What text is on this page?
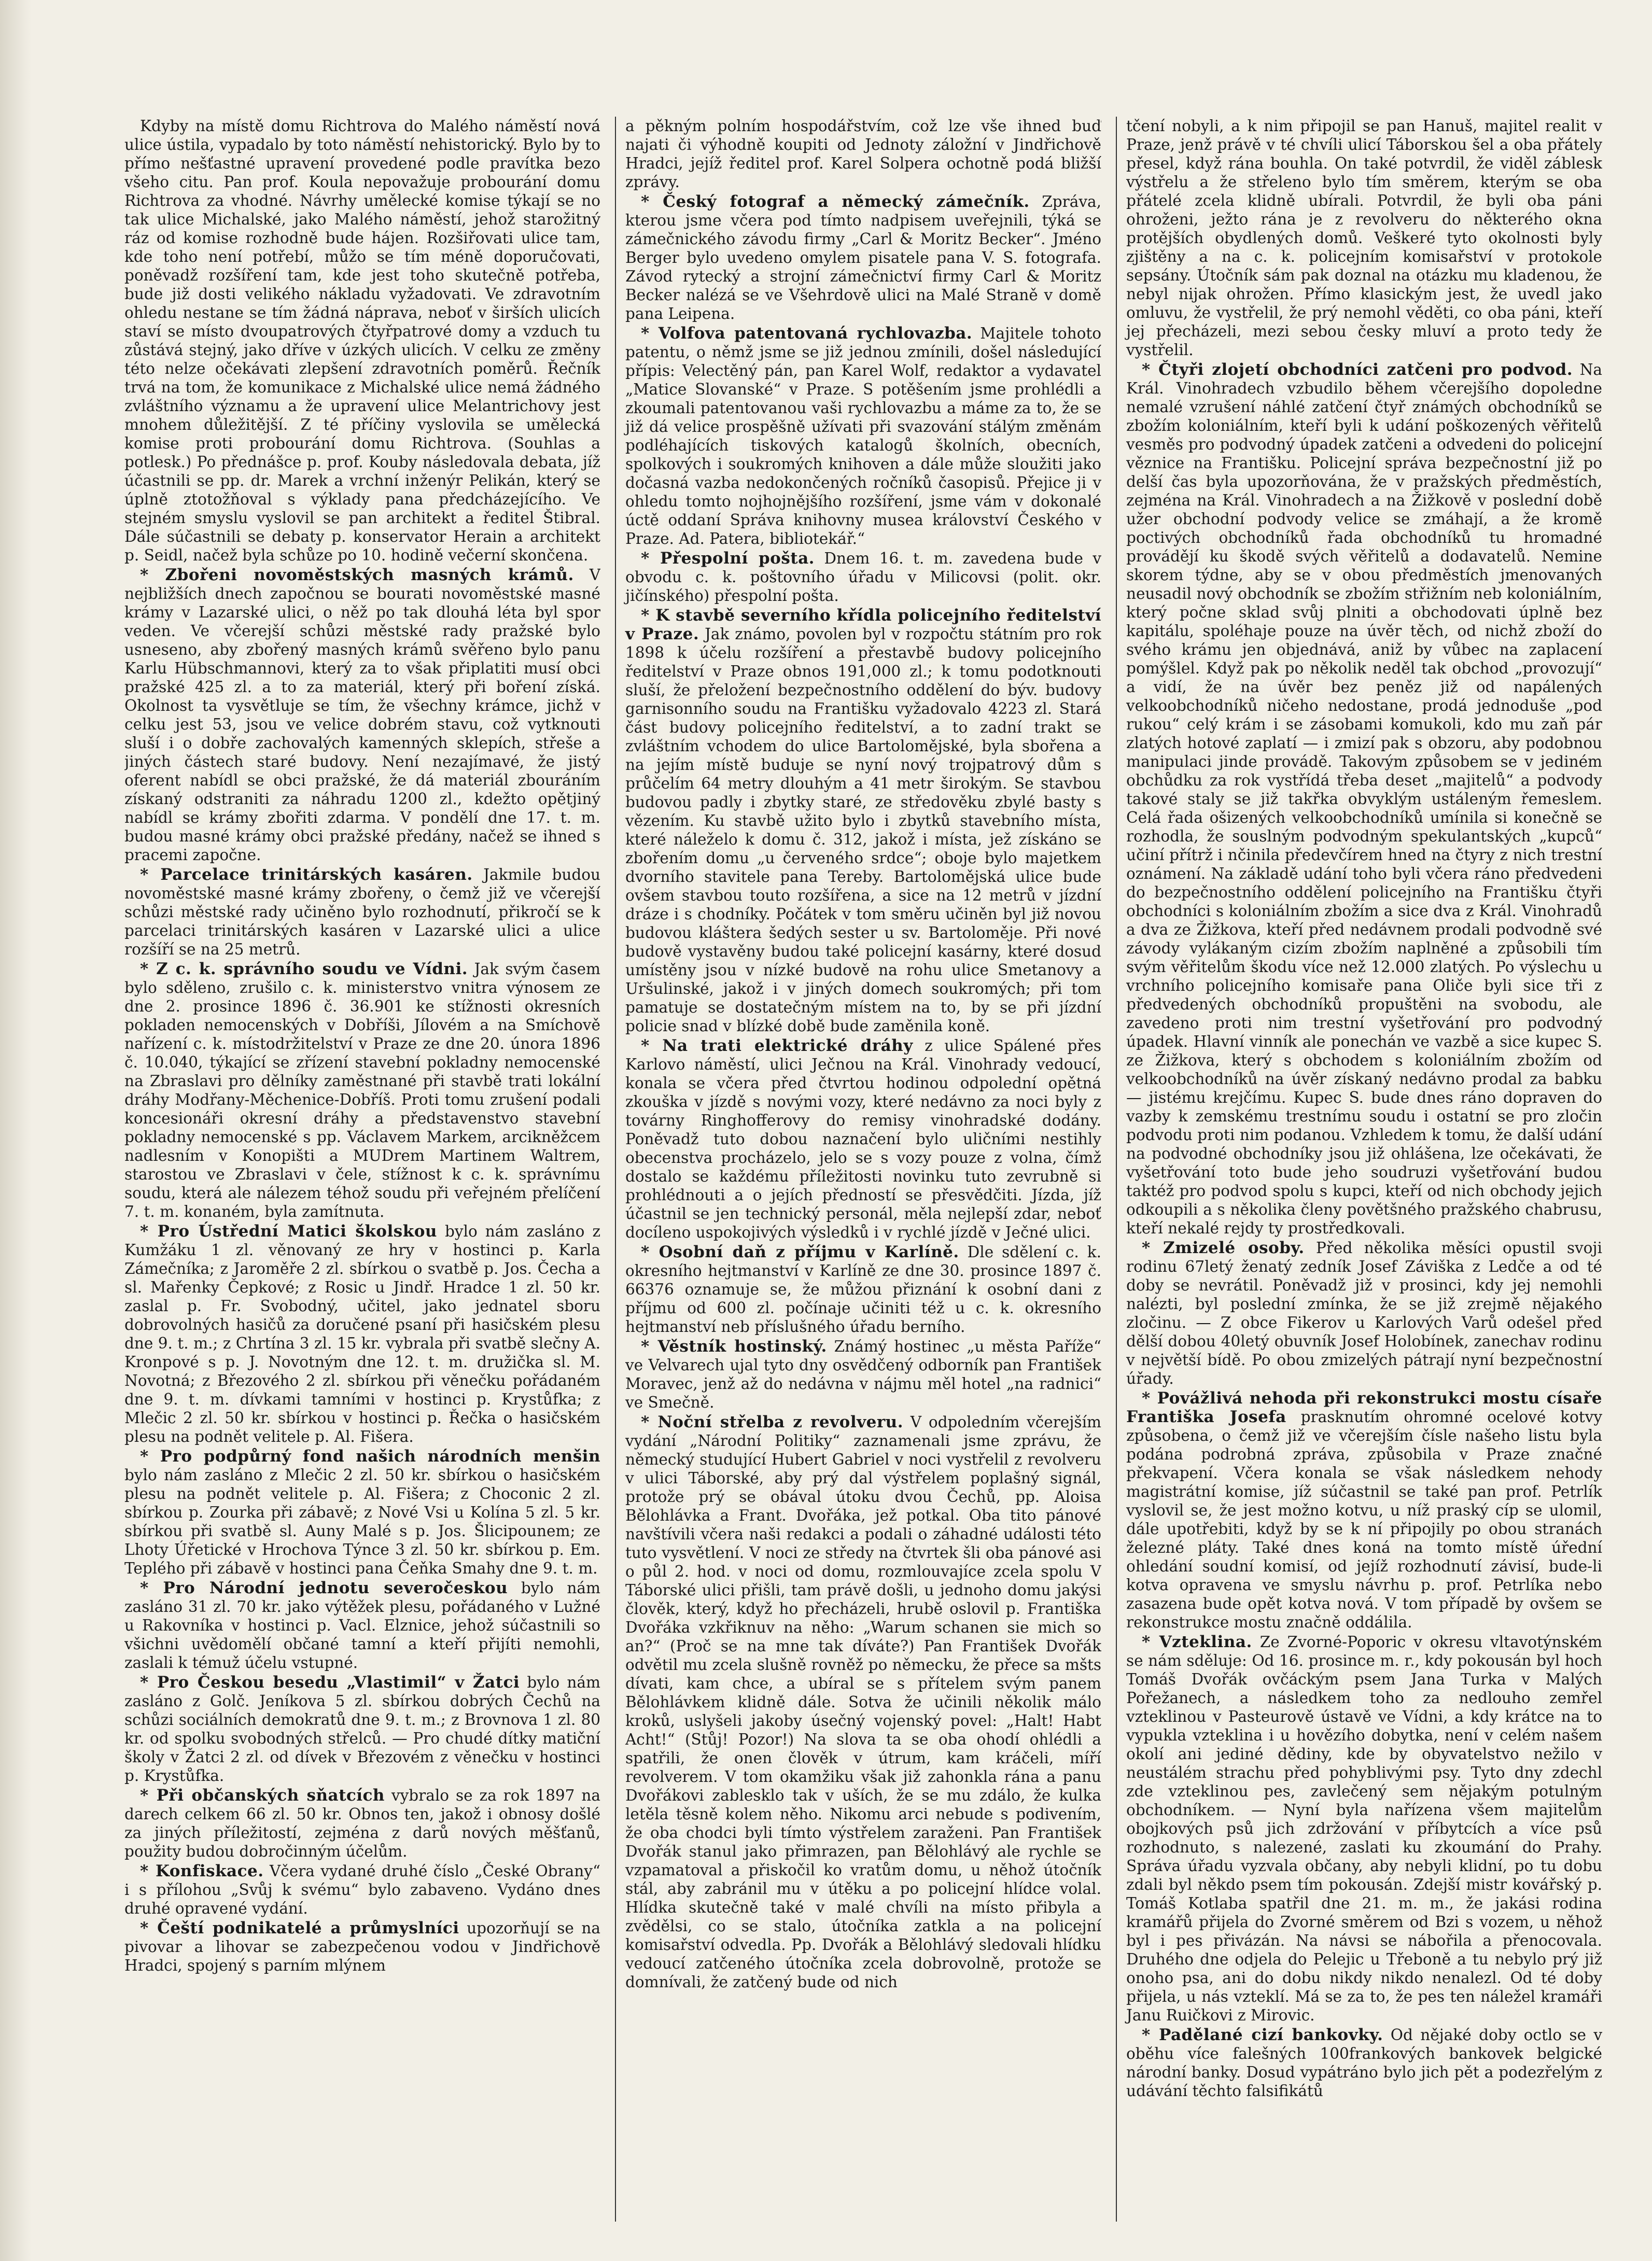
Kdyby na místě domu Richtrova do Malého náměstí nová ulice ústila, vypadalo by toto náměstí nehistorický. Bylo by to přímo nešťastné upravení provedené podle pravítka bezo všeho citu. Pan prof. Koula nepovažuje probourání domu Richtrova za vhodné. Návrhy umělecké komise týkají se no tak ulice Michalské, jako Malého náměstí, jehož starožitný ráz od komise rozhodně bude hájen. Rozšiřovati ulice tam, kde toho není potřebí, můžo se tím méně doporučovati, poněvadž rozšíření tam, kde jest toho skutečně potřeba, bude již dosti velikého nákladu vyžadovati. Ve zdravotním ohledu nestane se tím žádná náprava, neboť v širších ulicích staví se místo dvoupatrových čtyřpatrové domy a vzduch tu zůstává stejný, jako dříve v úzkých ulicích. V celku ze změny této nelze očekávati zlepšení zdravotních poměrů. Řečník trvá na tom, že komunikace z Michalské ulice nemá žádného zvláštního významu a že upravení ulice Melantrichovy jest mnohem důležitější. Z té příčiny vyslovila se umělecká komise proti probourání domu Richtrova. (Souhlas a potlesk.) Po přednášce p. prof. Kouby následovala debata, jíž účastnili se pp. dr. Marek a vrchní inženýr Pelikán, který se úplně ztotožňoval s výklady pana předcházejícího. Ve stejném smyslu vyslovil se pan architekt a ředitel Štibral. Dále súčastnili se debaty p. konservator Herain a architekt p. Seidl, načež byla schůze po 10. hodině večerní skončena.

* Zbořeni novoměstských masných krámů. V nejbližších dnech započnou se bourati novoměstské masné krámy v Lazarské ulici, o něž po tak dlouhá léta byl spor veden. Ve včerejší schůzi městské rady pražské bylo usneseno, aby zbořený masných krámů svěřeno bylo panu Karlu Hübschmannovi, který za to však připlatiti musí obci pražské 425 zl. a to za materiál, který při boření získá. Okolnost ta vysvětluje se tím, že všechny krámce, jichž v celku jest 53, jsou ve velice dobrém stavu, což vytknouti sluší i o dobře zachovalých kamenných sklepích, střeše a jiných částech staré budovy. Není nezajímavé, že jistý oferent nabídl se obci pražské, že dá materiál zbouráním získaný odstraniti za náhradu 1200 zl., kdežto opětjiný nabídl se krámy zbořiti zdarma. V pondělí dne 17. t. m. budou masné krámy obci pražské předány, načež se ihned s pracemi započne.

* Parcelace trinitárských kasáren. Jakmile budou novoměstské masné krámy zbořeny, o čemž již ve včerejší schůzi městské rady učiněno bylo rozhodnutí, přikročí se k parcelaci trinitárských kasáren v Lazarské ulici a ulice rozšíří se na 25 metrů.

* Z c. k. správního soudu ve Vídni. Jak svým časem bylo sděleno, zrušilo c. k. ministerstvo vnitra výnosem ze dne 2. prosince 1896 č. 36.901 ke stížnosti okresních pokladen nemocenských v Dobříši, Jílovém a na Smíchově nařízení c. k. místodržitelství v Praze ze dne 20. února 1896 č. 10.040, týkající se zřízení stavební pokladny nemocenské na Zbraslavi pro dělníky zaměstnané při stavbě trati lokální dráhy Modřany-Měchenice-Dobříš. Proti tomu zrušení podali koncesionáři okresní dráhy a představenstvo stavební pokladny nemocenské s pp. Václavem Markem, arcikněžcem nadlesním v Konopišti a MUDrem Martinem Waltrem, starostou ve Zbraslavi v čele, stížnost k c. k. správnímu soudu, která ale nálezem téhož soudu při veřejném přelíčení 7. t. m. konaném, byla zamítnuta.

* Pro Ústřední Matici školskou bylo nám zasláno z Kumžáku 1 zl. věnovaný ze hry v hostinci p. Karla Zámečníka; z Jaroměře 2 zl. sbírkou o svatbě p. Jos. Čecha a sl. Mařenky Čepkové; z Rosic u Jindř. Hradce 1 zl. 50 kr. zaslal p. Fr. Svobodný, učitel, jako jednatel sboru dobrovolných hasičů za doručené psaní při hasičském plesu dne 9. t. m.; z Chrtína 3 zl. 15 kr. vybrala při svatbě slečny A. Kronpové s p. J. Novotným dne 12. t. m. družička sl. M. Novotná; z Březového 2 zl. sbírkou při věnečku pořádaném dne 9. t. m. dívkami tamními v hostinci p. Krystůfka; z Mlečic 2 zl. 50 kr. sbírkou v hostinci p. Řečka o hasičském plesu na podnět velitele p. Al. Fišera.

* Pro podpůrný fond našich národních menšin bylo nám zasláno z Mlečic 2 zl. 50 kr. sbírkou o hasičském plesu na podnět velitele p. Al. Fišera; z Choconic 2 zl. sbírkou p. Zourka při zábavě; z Nové Vsi u Kolína 5 zl. 5 kr. sbírkou při svatbě sl. Auny Malé s p. Jos. Šlicipounem; ze Lhoty Úřetické v Hrochova Týnce 3 zl. 50 kr. sbírkou p. Em. Teplého při zábavě v hostinci pana Čeňka Smahy dne 9. t. m.

* Pro Národní jednotu severočeskou bylo nám zasláno 31 zl. 70 kr. jako výtěžek plesu, pořádaného v Lužné u Rakovníka v hostinci p. Vacl. Elznice, jehož súčastnili so všichni uvědomělí občané tamní a kteří přijíti nemohli, zaslali k témuž účelu vstupné.

* Pro Českou besedu „Vlastimil“ v Žatci bylo nám zasláno z Golč. Jeníkova 5 zl. sbírkou dobrých Čechů na schůzi sociálních demokratů dne 9. t. m.; z Brovnova 1 zl. 80 kr. od spolku svobodných střelců. — Pro chudé dítky matiční školy v Žatci 2 zl. od dívek v Březovém z věnečku v hostinci p. Krystůfka.

* Při občanských sňatcích vybralo se za rok 1897 na darech celkem 66 zl. 50 kr. Obnos ten, jakož i obnosy došlé za jiných příležitostí, zejména z darů nových měšťanů, použity budou dobročinným účelům.

* Konfiskace. Včera vydané druhé číslo „České Obrany“ i s přílohou „Svůj k svému“ bylo zabaveno. Vydáno dnes druhé opravené vydání.

* Čeští podnikatelé a průmyslníci upozorňují se na pivovar a lihovar se zabezpečenou vodou v Jindřichově Hradci, spojený s parním mlýnem

a pěkným polním hospodářstvím, což lze vše ihned buď najati či výhodně koupiti od Jednoty záložní v Jindřichově Hradci, jejíž ředitel prof. Karel Solpera ochotně podá bližší zprávy.

* Český fotograf a německý zámečník. Zpráva, kterou jsme včera pod tímto nadpisem uveřejnili, týká se zámečnického závodu firmy „Carl & Moritz Becker“. Jméno Berger bylo uvedeno omylem pisatele pana V. S. fotografa. Závod rytecký a strojní zámečnictví firmy Carl & Moritz Becker nalézá se ve Všehrdově ulici na Malé Straně v domě pana Leipena.

* Volfova patentovaná rychlovazba. Majitele tohoto patentu, o němž jsme se již jednou zmínili, došel následující přípis: Velectěný pán, pan Karel Wolf, redaktor a vydavatel „Matice Slovanské“ v Praze. S potěšením jsme prohlédli a zkoumali patentovanou vaši rychlovazbu a máme za to, že se již dá velice prospěšně užívati při svazování stálým změnám podléhajících tiskových katalogů školních, obecních, spolkových i soukromých knihoven a dále může sloužiti jako dočasná vazba nedokončených ročníků časopisů. Přejice ji v ohledu tomto nojhojnějšího rozšíření, jsme vám v dokonalé úctě oddaní Správa knihovny musea království Českého v Praze. Ad. Patera, bibliotekář.“

* Přespolní pošta. Dnem 16. t. m. zavedena bude v obvodu c. k. poštovního úřadu v Milicovsi (polit. okr. jičínského) přespolní pošta.

* K stavbě severního křídla policejního ředitelství v Praze. Jak známo, povolen byl v rozpočtu státním pro rok 1898 k účelu rozšíření a přestavbě budovy policejního ředitelství v Praze obnos 191,000 zl.; k tomu podotknouti sluší, že přeložení bezpečnostního oddělení do býv. budovy garnisonního soudu na Františku vyžadovalo 4223 zl. Stará část budovy policejního ředitelství, a to zadní trakt se zvláštním vchodem do ulice Bartolomějské, byla sbořena a na jejím místě buduje se nyní nový trojpatrový dům s průčelím 64 metry dlouhým a 41 metr širokým. Se stavbou budovou padly i zbytky staré, ze středověku zbylé basty s vězením. Ku stavbě užito bylo i zbytků stavebního místa, které náleželo k domu č. 312, jakož i místa, jež získáno se zbořením domu „u červeného srdce“; oboje bylo majetkem dvorního stavitele pana Tereby. Bartolomějská ulice bude ovšem stavbou touto rozšířena, a sice na 12 metrů v jízdní dráze i s chodníky. Počátek v tom směru učiněn byl již novou budovou kláštera šedých sester u sv. Bartoloměje. Při nové budově vystavěny budou také policejní kasárny, které dosud umístěny jsou v nízké budově na rohu ulice Smetanovy a Uršulinské, jakož i v jiných domech soukromých; při tom pamatuje se dostatečným místem na to, by se při jízdní policie snad v blízké době bude zaměnila koně.

* Na trati elektrické dráhy z ulice Spálené přes Karlovo náměstí, ulici Ječnou na Král. Vinohrady vedoucí, konala se včera před čtvrtou hodinou odpolední opětná zkouška v jízdě s novými vozy, které nedávno za noci byly z továrny Ringhofferovy do remisy vinohradské dodány. Poněvadž tuto dobou naznačení bylo uličními nestihly obecenstva procházelo, jelo se s vozy pouze z volna, čímž dostalo se každému příležitosti novinku tuto zevrubně si prohlédnouti a o jejích předností se přesvědčiti. Jízda, jíž účastnil se jen technický personál, měla nejlepší zdar, neboť docíleno uspokojivých výsledků i v rychlé jízdě v Ječné ulici.

* Osobní daň z příjmu v Karlíně. Dle sdělení c. k. okresního hejtmanství v Karlíně ze dne 30. prosince 1897 č. 66376 oznamuje se, že můžou přiznání k osobní dani z příjmu od 600 zl. počínaje učiniti též u c. k. okresního hejtmanství neb příslušného úřadu berního.

* Věstník hostinský. Známý hostinec „u města Paříže“ ve Velvarech ujal tyto dny osvědčený odborník pan František Moravec, jenž až do nedávna v nájmu měl hotel „na radnici“ ve Smečně.

* Noční střelba z revolveru. V odpoledním včerejším vydání „Národní Politiky“ zaznamenali jsme zprávu, že německý studující Hubert Gabriel v noci vystřelil z revolveru v ulici Táborské, aby prý dal výstřelem poplašný signál, protože prý se obával útoku dvou Čechů, pp. Aloisa Bělohlávka a Frant. Dvořáka, jež potkal. Oba tito pánové navštívili včera naši redakci a podali o záhadné události této tuto vysvětlení. V noci ze středy na čtvrtek šli oba pánové asi o půl 2. hod. v noci od domu, rozmlouvajíce zcela spolu V Táborské ulici přišli, tam právě došli, u jednoho domu jakýsi člověk, který, když ho přecházeli, hrubě oslovil p. Františka Dvořáka vzkřiknuv na něho: „Warum schanen sie mich so an?“ (Proč se na mne tak díváte?) Pan František Dvořák odvětil mu zcela slušně rovněž po německu, že přece sa mšts dívati, kam chce, a ubíral se s přítelem svým panem Bělohlávkem klidně dále. Sotva že učinili několik málo kroků, uslyšeli jakoby úsečný vojenský povel: „Halt! Habt Acht!“ (Stůj! Pozor!) Na slova ta se oba ohodí ohlédli a spatřili, že onen člověk v útrum, kam kráčeli, míří revolverem. V tom okamžiku však již zahonkla rána a panu Dvořákovi zablesklo tak v uších, že se mu zdálo, že kulka letěla těsně kolem něho. Nikomu arci nebude s podivením, že oba chodci byli tímto výstřelem zaraženi. Pan František Dvořák stanul jako přimrazen, pan Bělohlávý ale rychle se vzpamatoval a přiskočil ko vratům domu, u něhož útočník stál, aby zabránil mu v útěku a po policejní hlídce volal. Hlídka skutečně také v malé chvíli na místo přibyla a zvědělsi, co se stalo, útočníka zatkla a na policejní komisařství odvedla. Pp. Dvořák a Bělohlávý sledovali hlídku vedoucí zatčeného útočníka zcela dobrovolně, protože se domnívali, že zatčený bude od nich

tčení nobyli, a k nim připojil se pan Hanuš, majitel realit v Praze, jenž právě v té chvíli ulicí Táborskou šel a oba přátely přesel, když rána bouhla. On také potvrdil, že viděl záblesk výstřelu a že střeleno bylo tím směrem, kterým se oba přátelé zcela klidně ubírali. Potvrdil, že byli oba páni ohroženi, ježto rána je z revolveru do některého okna protějších obydlených domů. Veškeré tyto okolnosti byly zjištěny a na c. k. policejním komisařství v protokole sepsány. Útočník sám pak doznal na otázku mu kladenou, že nebyl nijak ohrožen. Přímo klasickým jest, že uvedl jako omluvu, že vystřelil, že prý nemohl věděti, co oba páni, kteří jej přecházeli, mezi sebou česky mluví a proto tedy že vystřelil.

* Čtyři zlojetí obchodníci zatčeni pro podvod. Na Král. Vinohradech vzbudilo během včerejšího dopoledne nemalé vzrušení náhlé zatčení čtyř známých obchodníků se zbožím koloniálním, kteří byli k udání poškozených věřitelů vesměs pro podvodný úpadek zatčeni a odvedeni do policejní věznice na Františku. Policejní správa bezpečnostní již po delší čas byla upozorňována, že v pražských předměstích, zejména na Král. Vinohradech a na Žižkově v poslední době užer obchodní podvody velice se zmáhají, a že kromě poctivých obchodníků řada obchodníků tu hromadné provádějí ku škodě svých věřitelů a dodavatelů. Nemine skorem týdne, aby se v obou předměstích jmenovaných neusadil nový obchodník se zbožím střižním neb koloniálním, který počne sklad svůj plniti a obchodovati úplně bez kapitálu, spoléhaje pouze na úvěr těch, od nichž zboží do svého krámu jen objednává, aniž by vůbec na zaplacení pomýšlel. Když pak po několik neděl tak obchod „provozují“ a vidí, že na úvěr bez peněz již od napálených velkoobchodníků ničeho nedostane, prodá jednoduše „pod rukou“ celý krám i se zásobami komukoli, kdo mu zaň pár zlatých hotové zaplatí — i zmizí pak s obzoru, aby podobnou manipulaci jinde provádě. Takovým způsobem se v jediném obchůdku za rok vystřídá třeba deset „majitelů“ a podvody takové staly se již takřka obvyklým ustáleným řemeslem. Celá řada ošizených velkoobchodníků umínila si konečně se rozhodla, že souslným podvodným spekulantských „kupců“ učiní přítrž i nčinila předevčírem hned na čtyry z nich trestní oznámení. Na základě udání toho byli včera ráno předvedeni do bezpečnostního oddělení policejního na Františku čtyři obchodníci s koloniálním zbožím a sice dva z Král. Vinohradů a dva ze Žižkova, kteří před nedávnem prodali podvodně své závody vylákaným cizím zbožím naplněné a způsobili tím svým věřitelům škodu více než 12.000 zlatých. Po výslechu u vrchního policejního komisaře pana Oliče byli sice tři z předvedených obchodníků propuštěni na svobodu, ale zavedeno proti nim trestní vyšetřování pro podvodný úpadek. Hlavní vinník ale ponechán ve vazbě a sice kupec S. ze Žižkova, který s obchodem s koloniálním zbožím od velkoobchodníků na úvěr získaný nedávno prodal za babku — jistému krejčímu. Kupec S. bude dnes ráno dopraven do vazby k zemskému trestnímu soudu i ostatní se pro zločin podvodu proti nim podanou. Vzhledem k tomu, že další udání na podvodné obchodníky jsou již ohlášena, lze očekávati, že vyšetřování toto bude jeho soudruzi vyšetřování budou taktéž pro podvod spolu s kupci, kteří od nich obchody jejich odkoupili a s několika členy povětšného pražského chabrusu, kteří nekalé rejdy ty prostředkovali.

* Zmizelé osoby. Před několika měsíci opustil svoji rodinu 67letý ženatý zedník Josef Záviška z Ledče a od té doby se nevrátil. Poněvadž již v prosinci, kdy jej nemohli nalézti, byl poslední zmínka, že se již zrejmě nějakého zločinu. — Z obce Fikerov u Karlových Varů odešel před dělší dobou 40letý obuvník Josef Holobínek, zanechav rodinu v největší bídě. Po obou zmizelých pátrají nyní bezpečnostní úřady.

* Povážlivá nehoda při rekonstrukci mostu císaře Františka Josefa prasknutím ohromné ocelové kotvy způsobena, o čemž již ve včerejším čísle našeho listu byla podána podrobná zpráva, způsobila v Praze značné překvapení. Včera konala se však následkem nehody magistrátní komise, jíž súčastnil se také pan prof. Petrlík vyslovil se, že jest možno kotvu, u níž praský cíp se ulomil, dále upotřebiti, když by se k ní připojily po obou stranách železné pláty. Také dnes koná na tomto místě úřední ohledání soudní komisí, od jejíž rozhodnutí závisí, bude-li kotva opravena ve smyslu návrhu p. prof. Petrlíka nebo zasazena bude opět kotva nová. V tom případě by ovšem se rekonstrukce mostu značně oddálila.

* Vzteklina. Ze Zvorné-Poporic v okresu vltavotýnském se nám sděluje: Od 16. prosince m. r., kdy pokousán byl hoch Tomáš Dvořák ovčáckým psem Jana Turka v Malých Pořežanech, a následkem toho za nedlouho zemřel vzteklinou v Pasteurově ústavě ve Vídni, a kdy krátce na to vypukla vzteklina i u hovězího dobytka, není v celém našem okolí ani jediné dědiny, kde by obyvatelstvo nežilo v neustálém strachu před pohyblivými psy. Tyto dny zdechl zde vzteklinou pes, zavlečený sem nějakým potulným obchodníkem. — Nyní byla nařízena všem majitelům obojkových psů jich zdržování v příbytcích a více psů rozhodnuto, s nalezené, zaslati ku zkoumání do Prahy. Správa úřadu vyzvala občany, aby nebyli klidní, po tu dobu zdali byl někdo psem tím pokousán. Zdejší mistr kovářský p. Tomáš Kotlaba spatřil dne 21. m. m., že jakási rodina kramářů přijela do Zvorné směrem od Bzi s vozem, u něhož byl i pes přivázán. Na návsi se nábořila a přenocovala. Druhého dne odjela do Pelejic u Třeboně a tu nebylo prý již onoho psa, ani do dobu nikdy nikdo nenalezl. Od té doby přijela, u nás vzteklí. Má se za to, že pes ten náležel kramáři Janu Ruičkovi z Mirovic.

* Padělané cizí bankovky. Od nějaké doby octlo se v oběhu více falešných 100frankových bankovek belgické národní banky. Dosud vypátráno bylo jich pět a podezřelým z udávání těchto falsifikátů
